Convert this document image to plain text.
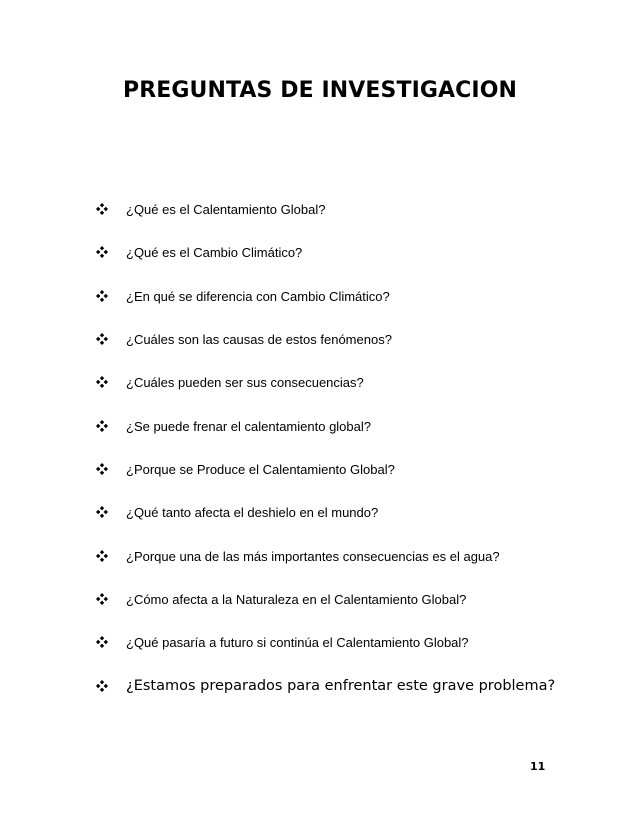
PREGUNTAS DE INVESTIGACION
¿Qué es el Calentamiento Global?
¿Qué es el Cambio Climático?
¿En qué se diferencia con Cambio Climático?
¿Cuáles son las causas de estos fenómenos?
¿Cuáles pueden ser sus consecuencias?
¿Se puede frenar el calentamiento global?
¿Porque se Produce el Calentamiento Global?
¿Qué tanto afecta el deshielo en el mundo?
¿Porque una de las más importantes consecuencias es el agua?
¿Cómo afecta a la Naturaleza en el Calentamiento Global?
¿Qué pasaría a futuro si continúa el Calentamiento Global?
¿Estamos preparados para enfrentar este grave problema?

11
